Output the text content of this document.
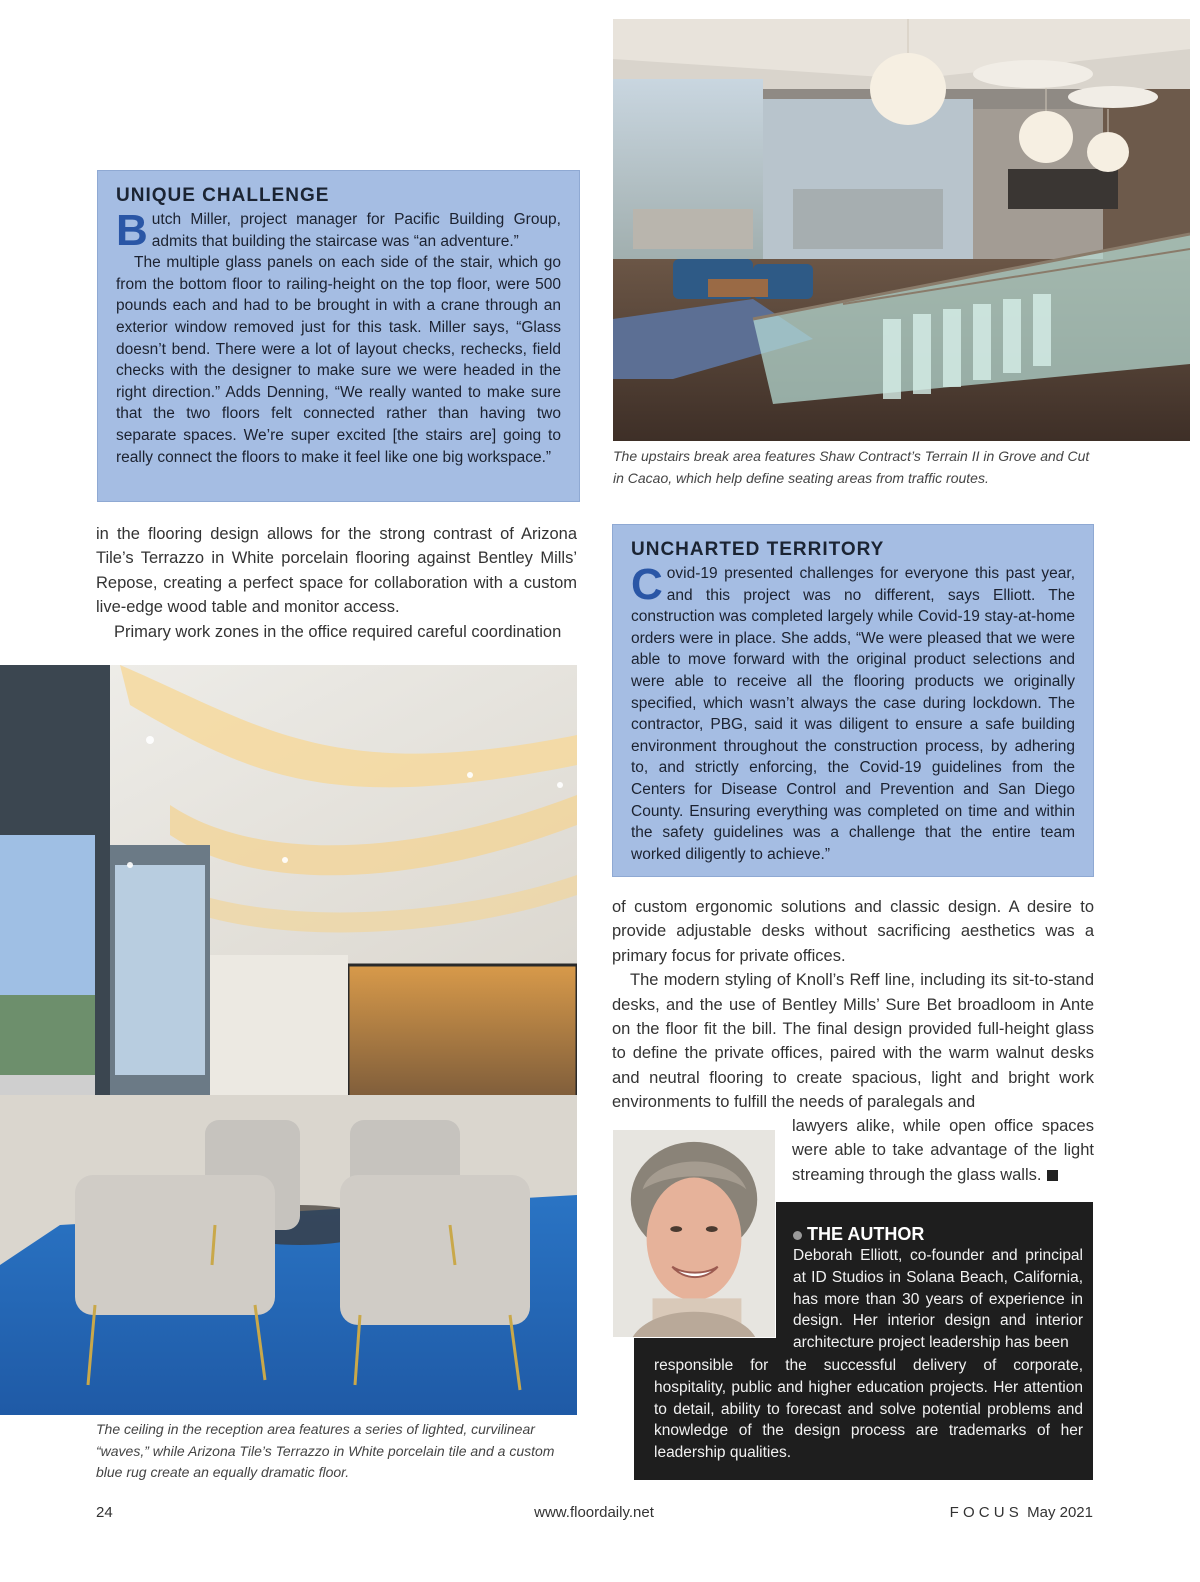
UNIQUE CHALLENGE

Butch Miller, project manager for Pacific Building Group, admits that building the staircase was “an adventure.”

The multiple glass panels on each side of the stair, which go from the bottom floor to railing-height on the top floor, were 500 pounds each and had to be brought in with a crane through an exterior window removed just for this task. Miller says, “Glass doesn’t bend. There were a lot of layout checks, rechecks, field checks with the designer to make sure we were headed in the right direction.” Adds Denning, “We really wanted to make sure that the two floors felt connected rather than having two separate spaces. We’re super excited [the stairs are] going to really connect the floors to make it feel like one big workspace.”

in the flooring design allows for the strong contrast of Arizona Tile’s Terrazzo in White porcelain flooring against Bentley Mills’ Repose, creating a perfect space for collaboration with a custom live-edge wood table and monitor access.

Primary work zones in the office required careful coordination

The upstairs break area features Shaw Contract’s Terrain II in Grove and Cut in Cacao, which help define seating areas from traffic routes.

UNCHARTED TERRITORY

Covid-19 presented challenges for everyone this past year, and this project was no different, says Elliott. The construction was completed largely while Covid-19 stay-at-home orders were in place. She adds, “We were pleased that we were able to move forward with the original product selections and were able to receive all the flooring products we originally specified, which wasn’t always the case during lockdown. The contractor, PBG, said it was diligent to ensure a safe building environment throughout the construction process, by adhering to, and strictly enforcing, the Covid-19 guidelines from the Centers for Disease Control and Prevention and San Diego County. Ensuring everything was completed on time and within the safety guidelines was a challenge that the entire team worked diligently to achieve.”

The ceiling in the reception area features a series of lighted, curvilinear “waves,” while Arizona Tile’s Terrazzo in White porcelain tile and a custom blue rug create an equally dramatic floor.

of custom ergonomic solutions and classic design. A desire to provide adjustable desks without sacrificing aesthetics was a primary focus for private offices.

The modern styling of Knoll’s Reff line, including its sit-to-stand desks, and the use of Bentley Mills’ Sure Bet broadloom in Ante on the floor fit the bill. The final design provided full-height glass to define the private offices, paired with the warm walnut desks and neutral flooring to create spacious, light and bright work environments to fulfill the needs of paralegals and

lawyers alike, while open office spaces were able to take advantage of the light streaming through the glass walls.

THE AUTHOR

Deborah Elliott, co-founder and principal at ID Studios in Solana Beach, California, has more than 30 years of experience in design. Her interior design and interior architecture project leadership has been

responsible for the successful delivery of corporate, hospitality, public and higher education projects. Her attention to detail, ability to forecast and solve potential problems and knowledge of the design process are trademarks of her leadership qualities.

24	www.floordaily.net	F O C U S  May 2021
